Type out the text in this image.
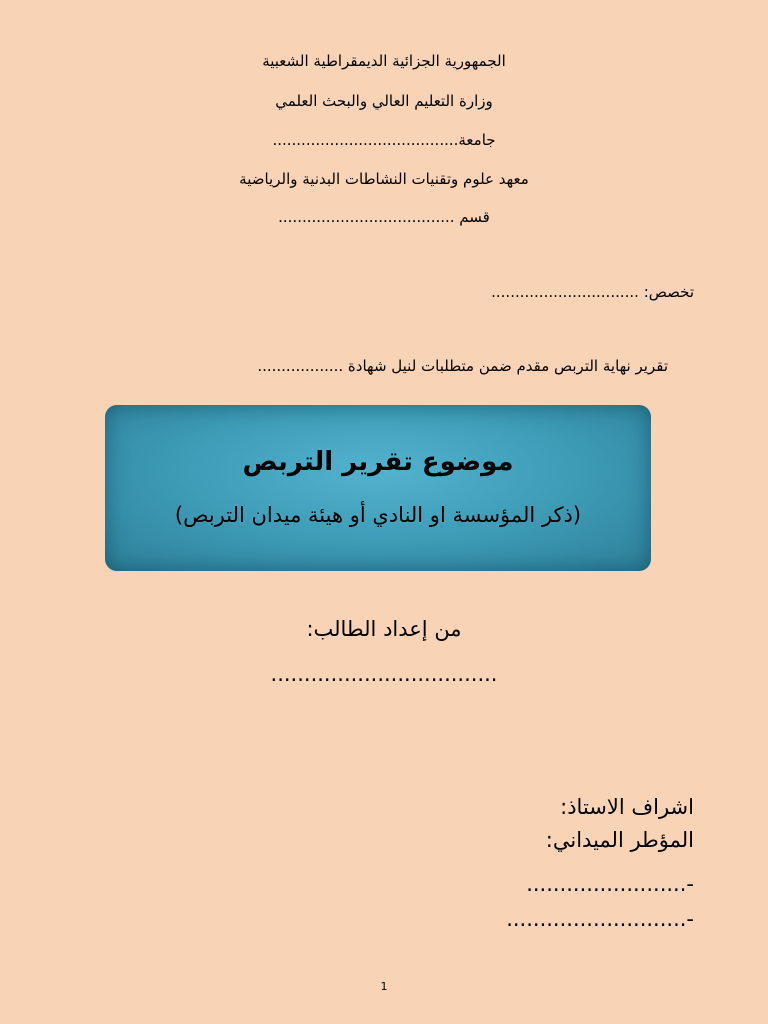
الجمهورية الجزائية الديمقراطية الشعبية
وزارة التعليم العالي والبحث العلمي
جامعة.......................................
معهد علوم وتقنيات النشاطات البدنية والرياضية
قسم .....................................
تخصص: ...............................
تقرير نهاية التربص مقدم ضمن متطلبات لنيل شهادة ..................
موضوع تقرير التربص
(ذكر المؤسسة او النادي أو هيئة ميدان التربص)
من إعداد الطالب:
..................................
اشراف الاستاذ:
المؤطر الميداني:
-........................
-...........................
1
